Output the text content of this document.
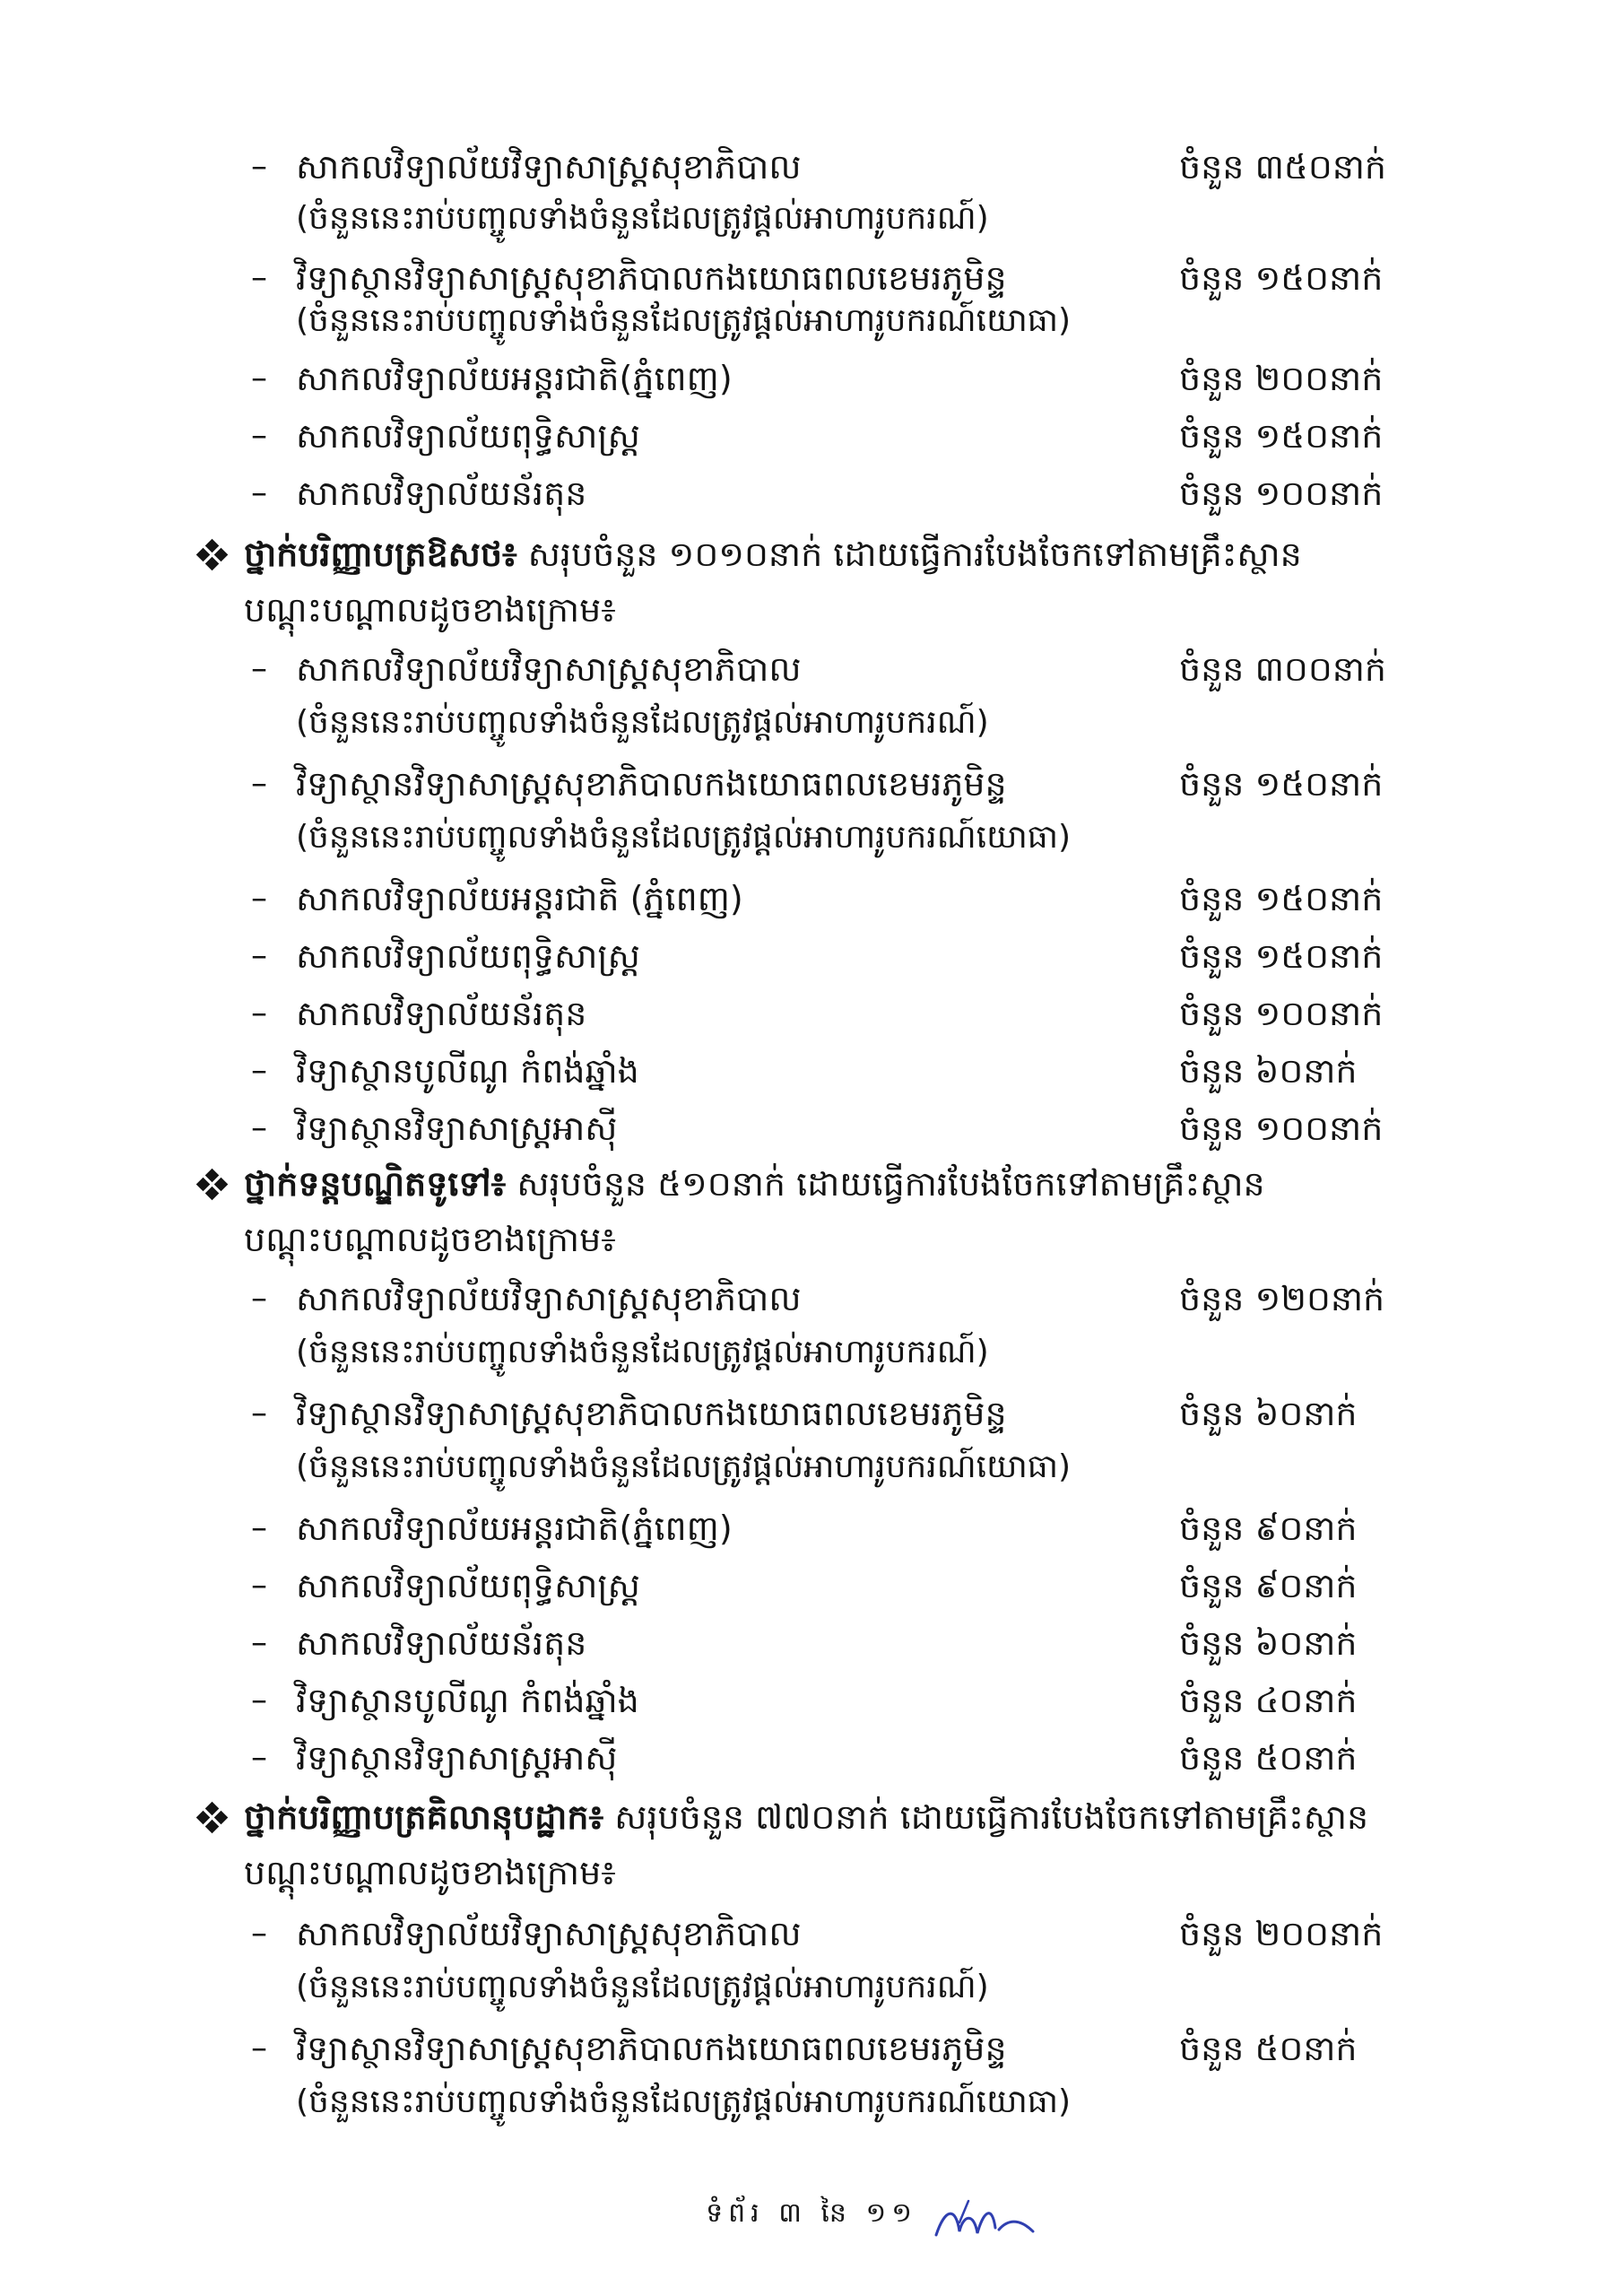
– សាកលវិទ្យាល័យវិទ្យាសាស្ត្រសុខាភិបាល	ចំនួន ៣៥០នាក់
(ចំនួននេះរាប់បញ្ចូលទាំងចំនួនដែលត្រូវផ្តល់អាហារូបករណ៍)
– វិទ្យាស្ថានវិទ្យាសាស្ត្រសុខាភិបាលកងយោធពលខេមរភូមិន្ទ	ចំនួន ១៥០នាក់
(ចំនួននេះរាប់បញ្ចូលទាំងចំនួនដែលត្រូវផ្តល់អាហារូបករណ៍យោធា)
– សាកលវិទ្យាល័យអន្តរជាតិ(ភ្នំពេញ)	ចំនួន ២០០នាក់
– សាកលវិទ្យាល័យពុទ្ធិសាស្ត្រ	ចំនួន ១៥០នាក់
– សាកលវិទ្យាល័យន័រតុន	ចំនួន ១០០នាក់
ថ្នាក់បរិញ្ញាបត្រឱសថ៖ សរុបចំនួន ១០១០នាក់ ដោយធ្វើការបែងចែកទៅតាមគ្រឹះស្ថាន
បណ្តុះបណ្តាលដូចខាងក្រោម៖
– សាកលវិទ្យាល័យវិទ្យាសាស្ត្រសុខាភិបាល	ចំនួន ៣០០នាក់
(ចំនួននេះរាប់បញ្ចូលទាំងចំនួនដែលត្រូវផ្តល់អាហារូបករណ៍)
– វិទ្យាស្ថានវិទ្យាសាស្ត្រសុខាភិបាលកងយោធពលខេមរភូមិន្ទ	ចំនួន ១៥០នាក់
(ចំនួននេះរាប់បញ្ចូលទាំងចំនួនដែលត្រូវផ្តល់អាហារូបករណ៍យោធា)
– សាកលវិទ្យាល័យអន្តរជាតិ (ភ្នំពេញ)	ចំនួន ១៥០នាក់
– សាកលវិទ្យាល័យពុទ្ធិសាស្ត្រ	ចំនួន ១៥០នាក់
– សាកលវិទ្យាល័យន័រតុន	ចំនួន ១០០នាក់
– វិទ្យាស្ថានបូលីណូ កំពង់ឆ្នាំង	ចំនួន ៦០នាក់
– វិទ្យាស្ថានវិទ្យាសាស្ត្រអាស៊ី	ចំនួន ១០០នាក់
ថ្នាក់ទន្តបណ្ឌិតទូទៅ៖ សរុបចំនួន ៥១០នាក់ ដោយធ្វើការបែងចែកទៅតាមគ្រឹះស្ថាន
បណ្តុះបណ្តាលដូចខាងក្រោម៖
– សាកលវិទ្យាល័យវិទ្យាសាស្ត្រសុខាភិបាល	ចំនួន ១២០នាក់
(ចំនួននេះរាប់បញ្ចូលទាំងចំនួនដែលត្រូវផ្តល់អាហារូបករណ៍)
– វិទ្យាស្ថានវិទ្យាសាស្ត្រសុខាភិបាលកងយោធពលខេមរភូមិន្ទ	ចំនួន ៦០នាក់
(ចំនួននេះរាប់បញ្ចូលទាំងចំនួនដែលត្រូវផ្តល់អាហារូបករណ៍យោធា)
– សាកលវិទ្យាល័យអន្តរជាតិ(ភ្នំពេញ)	ចំនួន ៩០នាក់
– សាកលវិទ្យាល័យពុទ្ធិសាស្ត្រ	ចំនួន ៩០នាក់
– សាកលវិទ្យាល័យន័រតុន	ចំនួន ៦០នាក់
– វិទ្យាស្ថានបូលីណូ កំពង់ឆ្នាំង	ចំនួន ៤០នាក់
– វិទ្យាស្ថានវិទ្យាសាស្ត្រអាស៊ី	ចំនួន ៥០នាក់
ថ្នាក់បរិញ្ញាបត្រគិលានុបដ្ឋាក៖ សរុបចំនួន ៧៧០នាក់ ដោយធ្វើការបែងចែកទៅតាមគ្រឹះស្ថាន
បណ្តុះបណ្តាលដូចខាងក្រោម៖
– សាកលវិទ្យាល័យវិទ្យាសាស្ត្រសុខាភិបាល	ចំនួន ២០០នាក់
(ចំនួននេះរាប់បញ្ចូលទាំងចំនួនដែលត្រូវផ្តល់អាហារូបករណ៍)
– វិទ្យាស្ថានវិទ្យាសាស្ត្រសុខាភិបាលកងយោធពលខេមរភូមិន្ទ	ចំនួន ៥០នាក់
(ចំនួននេះរាប់បញ្ចូលទាំងចំនួនដែលត្រូវផ្តល់អាហារូបករណ៍យោធា)
ទំព័រ ៣ នៃ ១១
